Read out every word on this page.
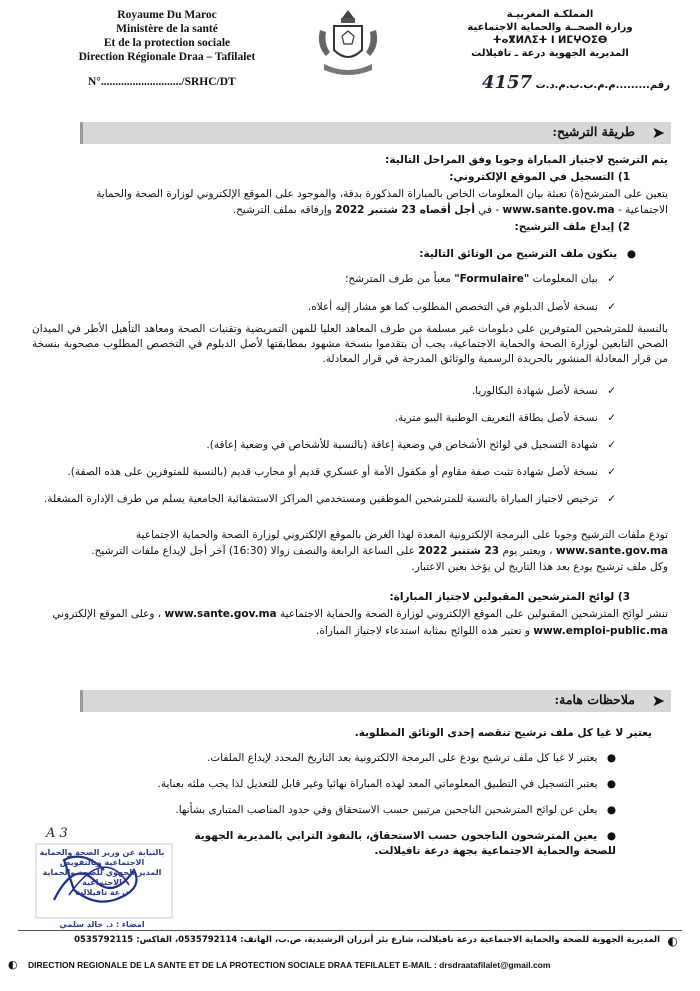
Royaume Du Maroc
Ministère de la santé
Et de la protection sociale
Direction Régionale Draa – Tafilalet
N°............................/SRHC/DT
المملكـة المغربيـة
وزارة الصحــة والحماية الاجتماعية
ⵜⴰⴳⵍⴷⵉⵜ ⵏ ⵍⵎⵖⵔⵉⴱ
المديرية الجهوية درعة ـ تافيلالت
رقم.........م.م.ب.ب.م.د.ت 4157
➤
طريقة الترشيح:
يتم الترشيح لاجتياز المباراة وجوبا وفق المراحل التالية:
1) التسجيل في الموقع الإلكتروني:
يتعين على المترشح(ة) تعبئة بيان المعلومات الخاص بالمباراة المذكورة بدقة، والموجود على الموقع الإلكتروني لوزارة الصحة والحماية
الاجتماعية - www.sante.gov.ma - في أجل أقصاه 23 شتنبر 2022 وإرفاقه بملف الترشيح.
2) إيداع ملف الترشيح:
● يتكون ملف الترشيح من الوثائق التالية:
✓ بيان المعلومات "Formulaire" معبأ من طرف المترشح؛
✓ نسخة لأصل الدبلوم في التخصص المطلوب كما هو مشار إليه أعلاه.
بالنسبة للمترشحين المتوفرين على دبلومات غير مسلمة من طرف المعاهد العليا للمهن التمريضية وتقنيات الصحة ومعاهد التأهيل الأطر في الميدان الصحي التابعين لوزارة الصحة والحماية الاجتماعية، يجب أن يتقدموا بنسخة مشهود بمطابقتها لأصل الدبلوم في التخصص المطلوب مصحوبة بنسخة من قرار المعادلة المنشور بالجريدة الرسمية والوثائق المدرجة في قرار المعادلة.
✓ نسخة لأصل شهادة البكالوريا.
✓ نسخة لأصل بطاقة التعريف الوطنية البيو مترية.
✓ شهادة التسجيل في لوائح الأشخاص في وضعية إعاقة (بالنسبة للأشخاص في وضعية إعاقة).
✓ نسخة لأصل شهادة تثبت صفة مقاوم أو مكفول الأمة أو عسكري قديم أو محارب قديم (بالنسبة للمتوفرين على هذه الصفة).
✓ ترخيص لاجتياز المباراة بالنسبة للمترشحين الموظفين ومستخدمي المراكز الاستشفائية الجامعية يسلم من طرف الإدارة المشغلة.
تودع ملفات الترشيح وجوبا على البرمجة الإلكترونية المعدة لهذا الغرض بالموقع الإلكتروني لوزارة الصحة والحماية الاجتماعية
www.sante.gov.ma ، ويعتبر يوم 23 شتنبر 2022 على الساعة الرابعة والنصف زوالا (16:30) آخر أجل لإيداع ملفات الترشيح.
وكل ملف ترشيح يودع بعد هذا التاريخ لن يؤخذ بعين الاعتبار.
3) لوائح المترشحين المقبولين لاجتياز المباراة:
تنشر لوائح المترشحين المقبولين على الموقع الإلكتروني لوزارة الصحة والحماية الاجتماعية www.sante.gov.ma ، وعلى الموقع الإلكتروني
www.emploi-public.ma و تعتبر هذه اللوائح بمثابة استدعاء لاجتياز المباراة.
➤
ملاحظات هامة:
يعتبر لا غيا كل ملف ترشيح تنقصه إحدى الوثائق المطلوبة.
● يعتبر لا غيا كل ملف ترشيح يودع على البرمجة الالكترونية بعد التاريخ المحدد لإيداع الملفات.
● يعتبر التسجيل في التطبيق المعلوماتي المعد لهذه المباراة نهائيا وغير قابل للتعديل لذا يجب ملئه بعناية.
● يعلن عن لوائح المترشحين الناجحين مرتبين حسب الاستحقاق وفي حدود المناصب المتبارى بشأنها.
● يعين المترشحون الناجحون حسب الاستحقاق، بالنفوذ الترابي بالمديرية الجهوية للصحة والحماية الاجتماعية بجهة درعة تافيلالت.
A 3
بالنيابة عن وزير الصحة والحماية الاجتماعية وبالتفويض
المدير الجهوي للصحة والحماية الاجتماعية
درعة تافيلالت
امضاء : د. خالد سلمي
◐
المديرية الجهوية للصحة والحماية الاجتماعية درعة تافيلالت، شارع بئر أنزران الرشيدية، ص.ب، الهاتف: 0535792114، الفاكس: 0535792115
◐ DIRECTION REGIONALE DE LA SANTE ET DE LA PROTECTION SOCIALE DRAA TEFILALET E-MAIL : drsdraatafilalet@gmail.com
